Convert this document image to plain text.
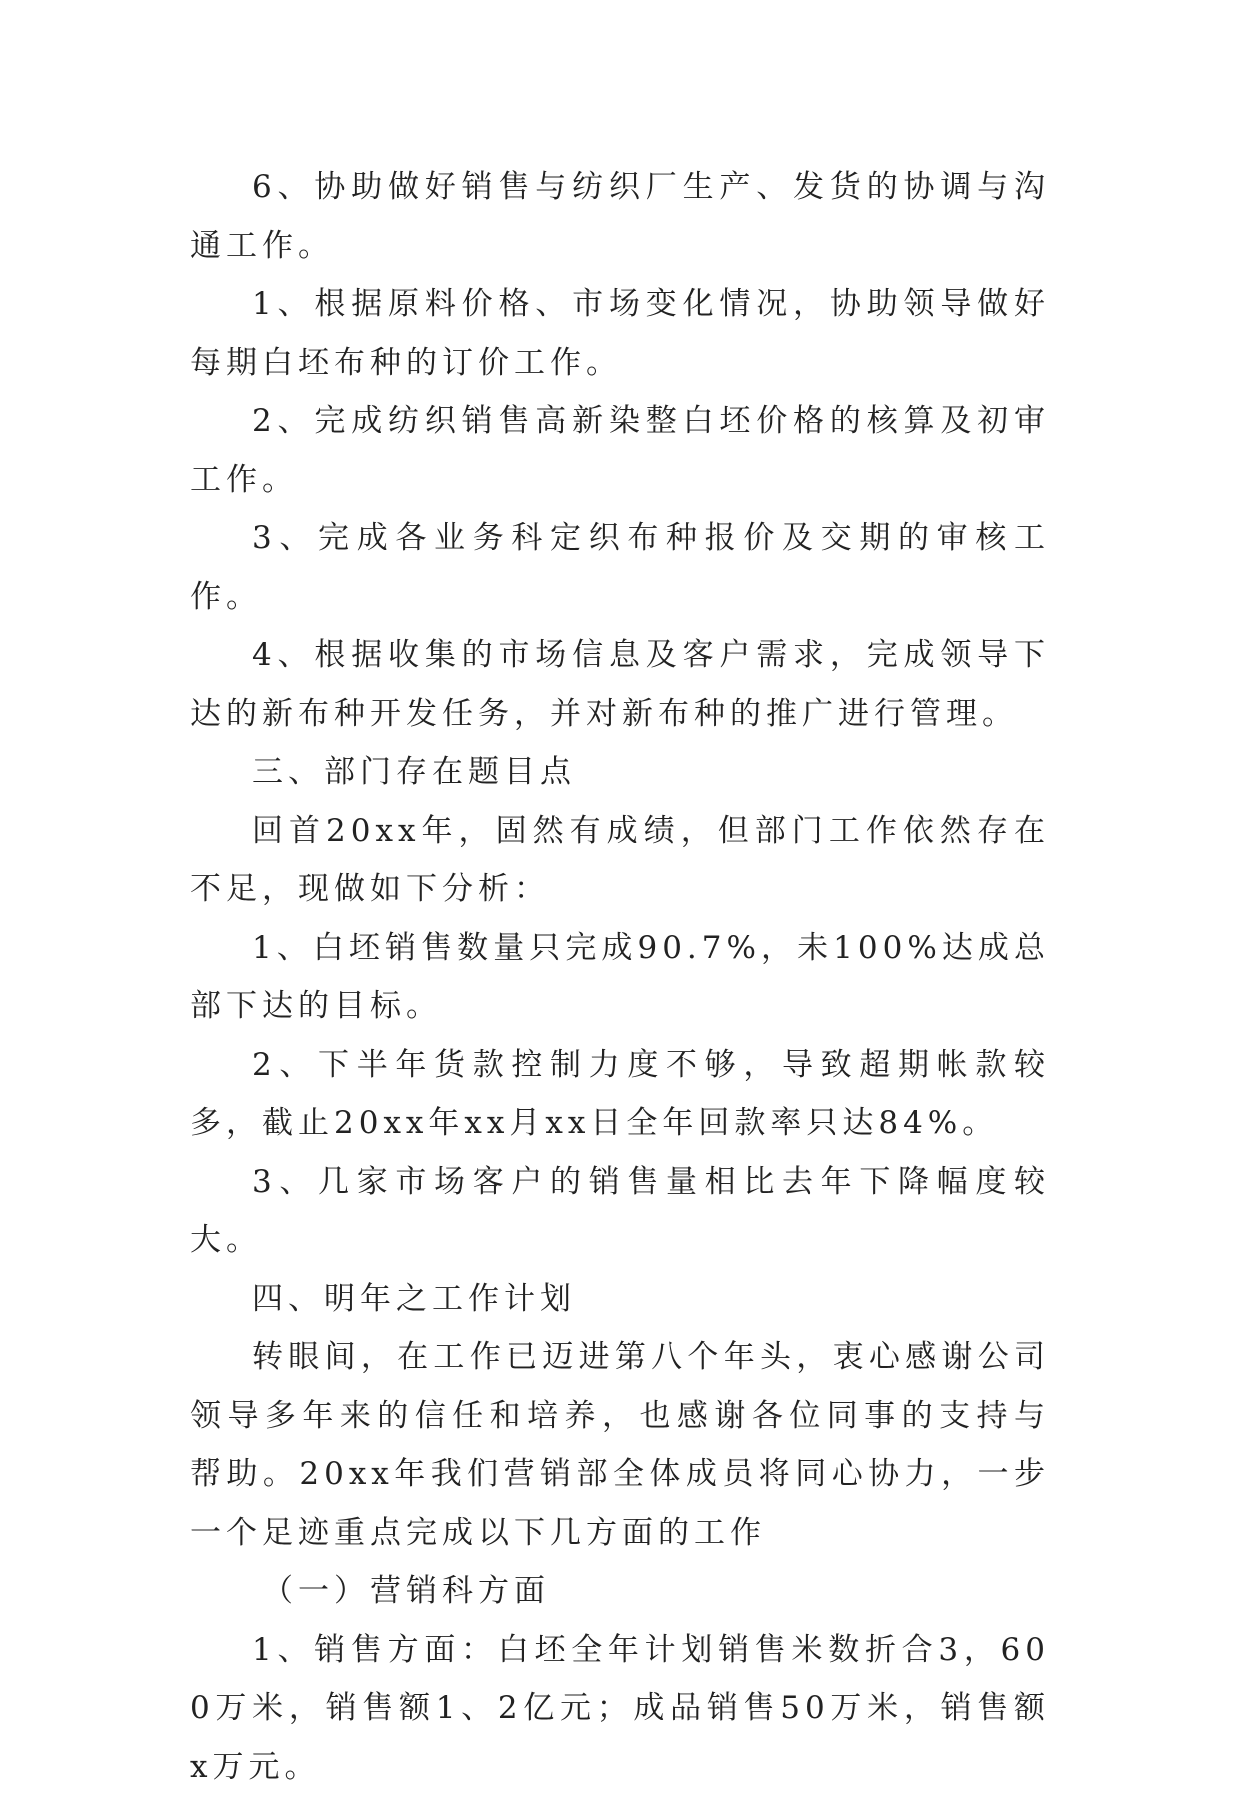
6、协助做好销售与纺织厂生产、发货的协调与沟通工作。

1、根据原料价格、市场变化情况，协助领导做好每期白坯布种的订价工作。

2、完成纺织销售高新染整白坯价格的核算及初审工作。

3、完成各业务科定织布种报价及交期的审核工作。

4、根据收集的市场信息及客户需求，完成领导下达的新布种开发任务，并对新布种的推广进行管理。

三、部门存在题目点

回首20xx年，固然有成绩，但部门工作依然存在不足，现做如下分析：

1、白坯销售数量只完成90.7%，未100%达成总部下达的目标。

2、下半年货款控制力度不够，导致超期帐款较多，截止20xx年xx月xx日全年回款率只达84%。

3、几家市场客户的销售量相比去年下降幅度较大。

四、明年之工作计划

转眼间，在工作已迈进第八个年头，衷心感谢公司领导多年来的信任和培养，也感谢各位同事的支持与帮助。20xx年我们营销部全体成员将同心协力，一步一个足迹重点完成以下几方面的工作

（一）营销科方面

1、销售方面：白坯全年计划销售米数折合3，600万米，销售额1、2亿元；成品销售50万米，销售额x万元。
